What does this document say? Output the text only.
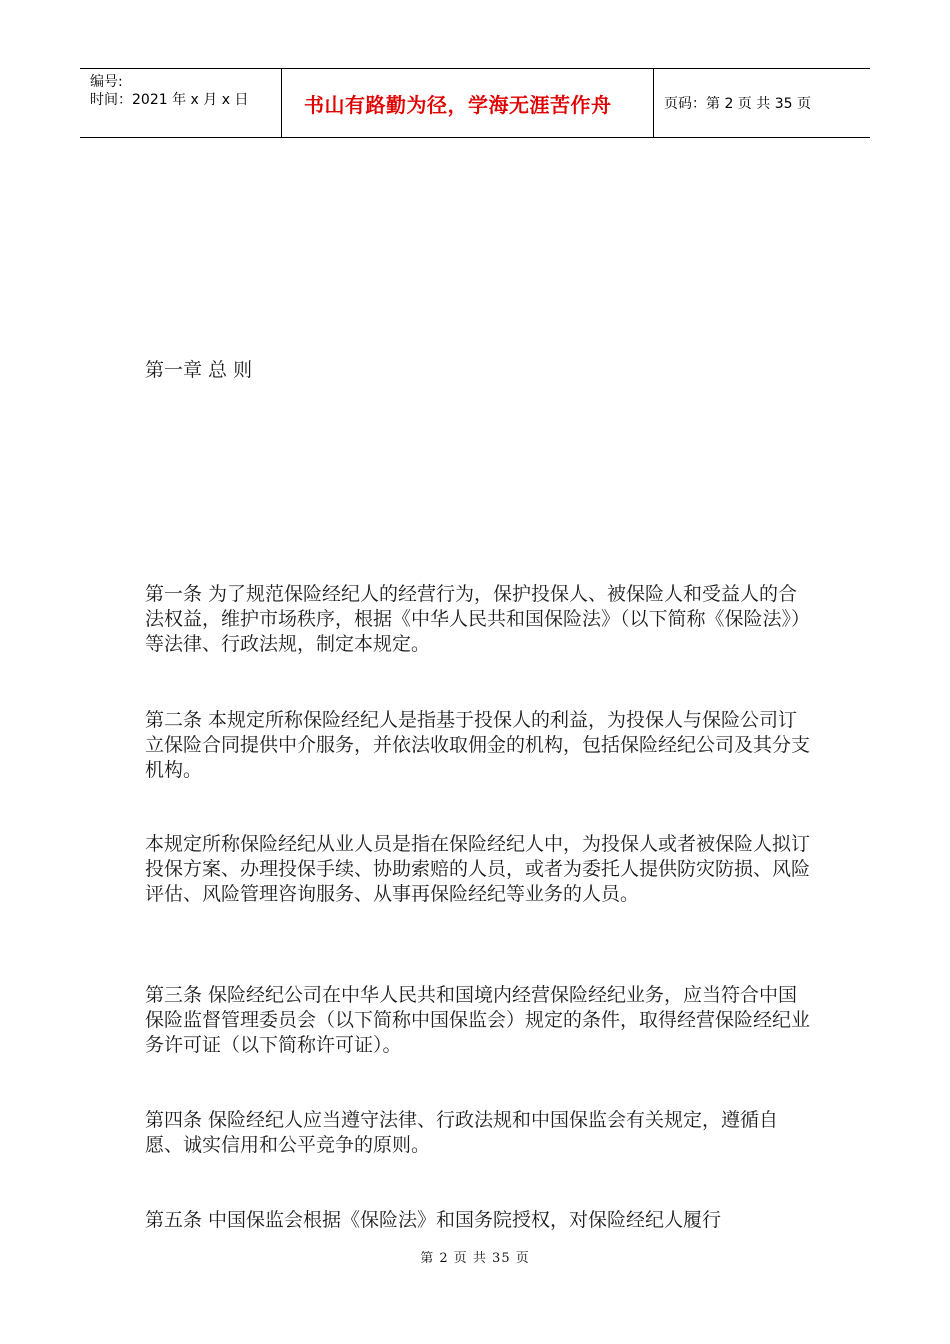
编号:
时间：2021 年 x 月 x 日	书山有路勤为径，学海无涯苦作舟	页码：第 2 页 共 35 页
第一章 总 则
第一条 为了规范保险经纪人的经营行为，保护投保人、被保险人和受益人的合法权益，维护市场秩序，根据《中华人民共和国保险法》（以下简称《保险法》）等法律、行政法规，制定本规定。
第二条 本规定所称保险经纪人是指基于投保人的利益，为投保人与保险公司订立保险合同提供中介服务，并依法收取佣金的机构，包括保险经纪公司及其分支机构。
本规定所称保险经纪从业人员是指在保险经纪人中，为投保人或者被保险人拟订投保方案、办理投保手续、协助索赔的人员，或者为委托人提供防灾防损、风险评估、风险管理咨询服务、从事再保险经纪等业务的人员。
第三条 保险经纪公司在中华人民共和国境内经营保险经纪业务，应当符合中国保险监督管理委员会（以下简称中国保监会）规定的条件，取得经营保险经纪业务许可证（以下简称许可证）。
第四条 保险经纪人应当遵守法律、行政法规和中国保监会有关规定，遵循自愿、诚实信用和公平竞争的原则。
第五条 中国保监会根据《保险法》和国务院授权，对保险经纪人履行
第 2 页 共 35 页
